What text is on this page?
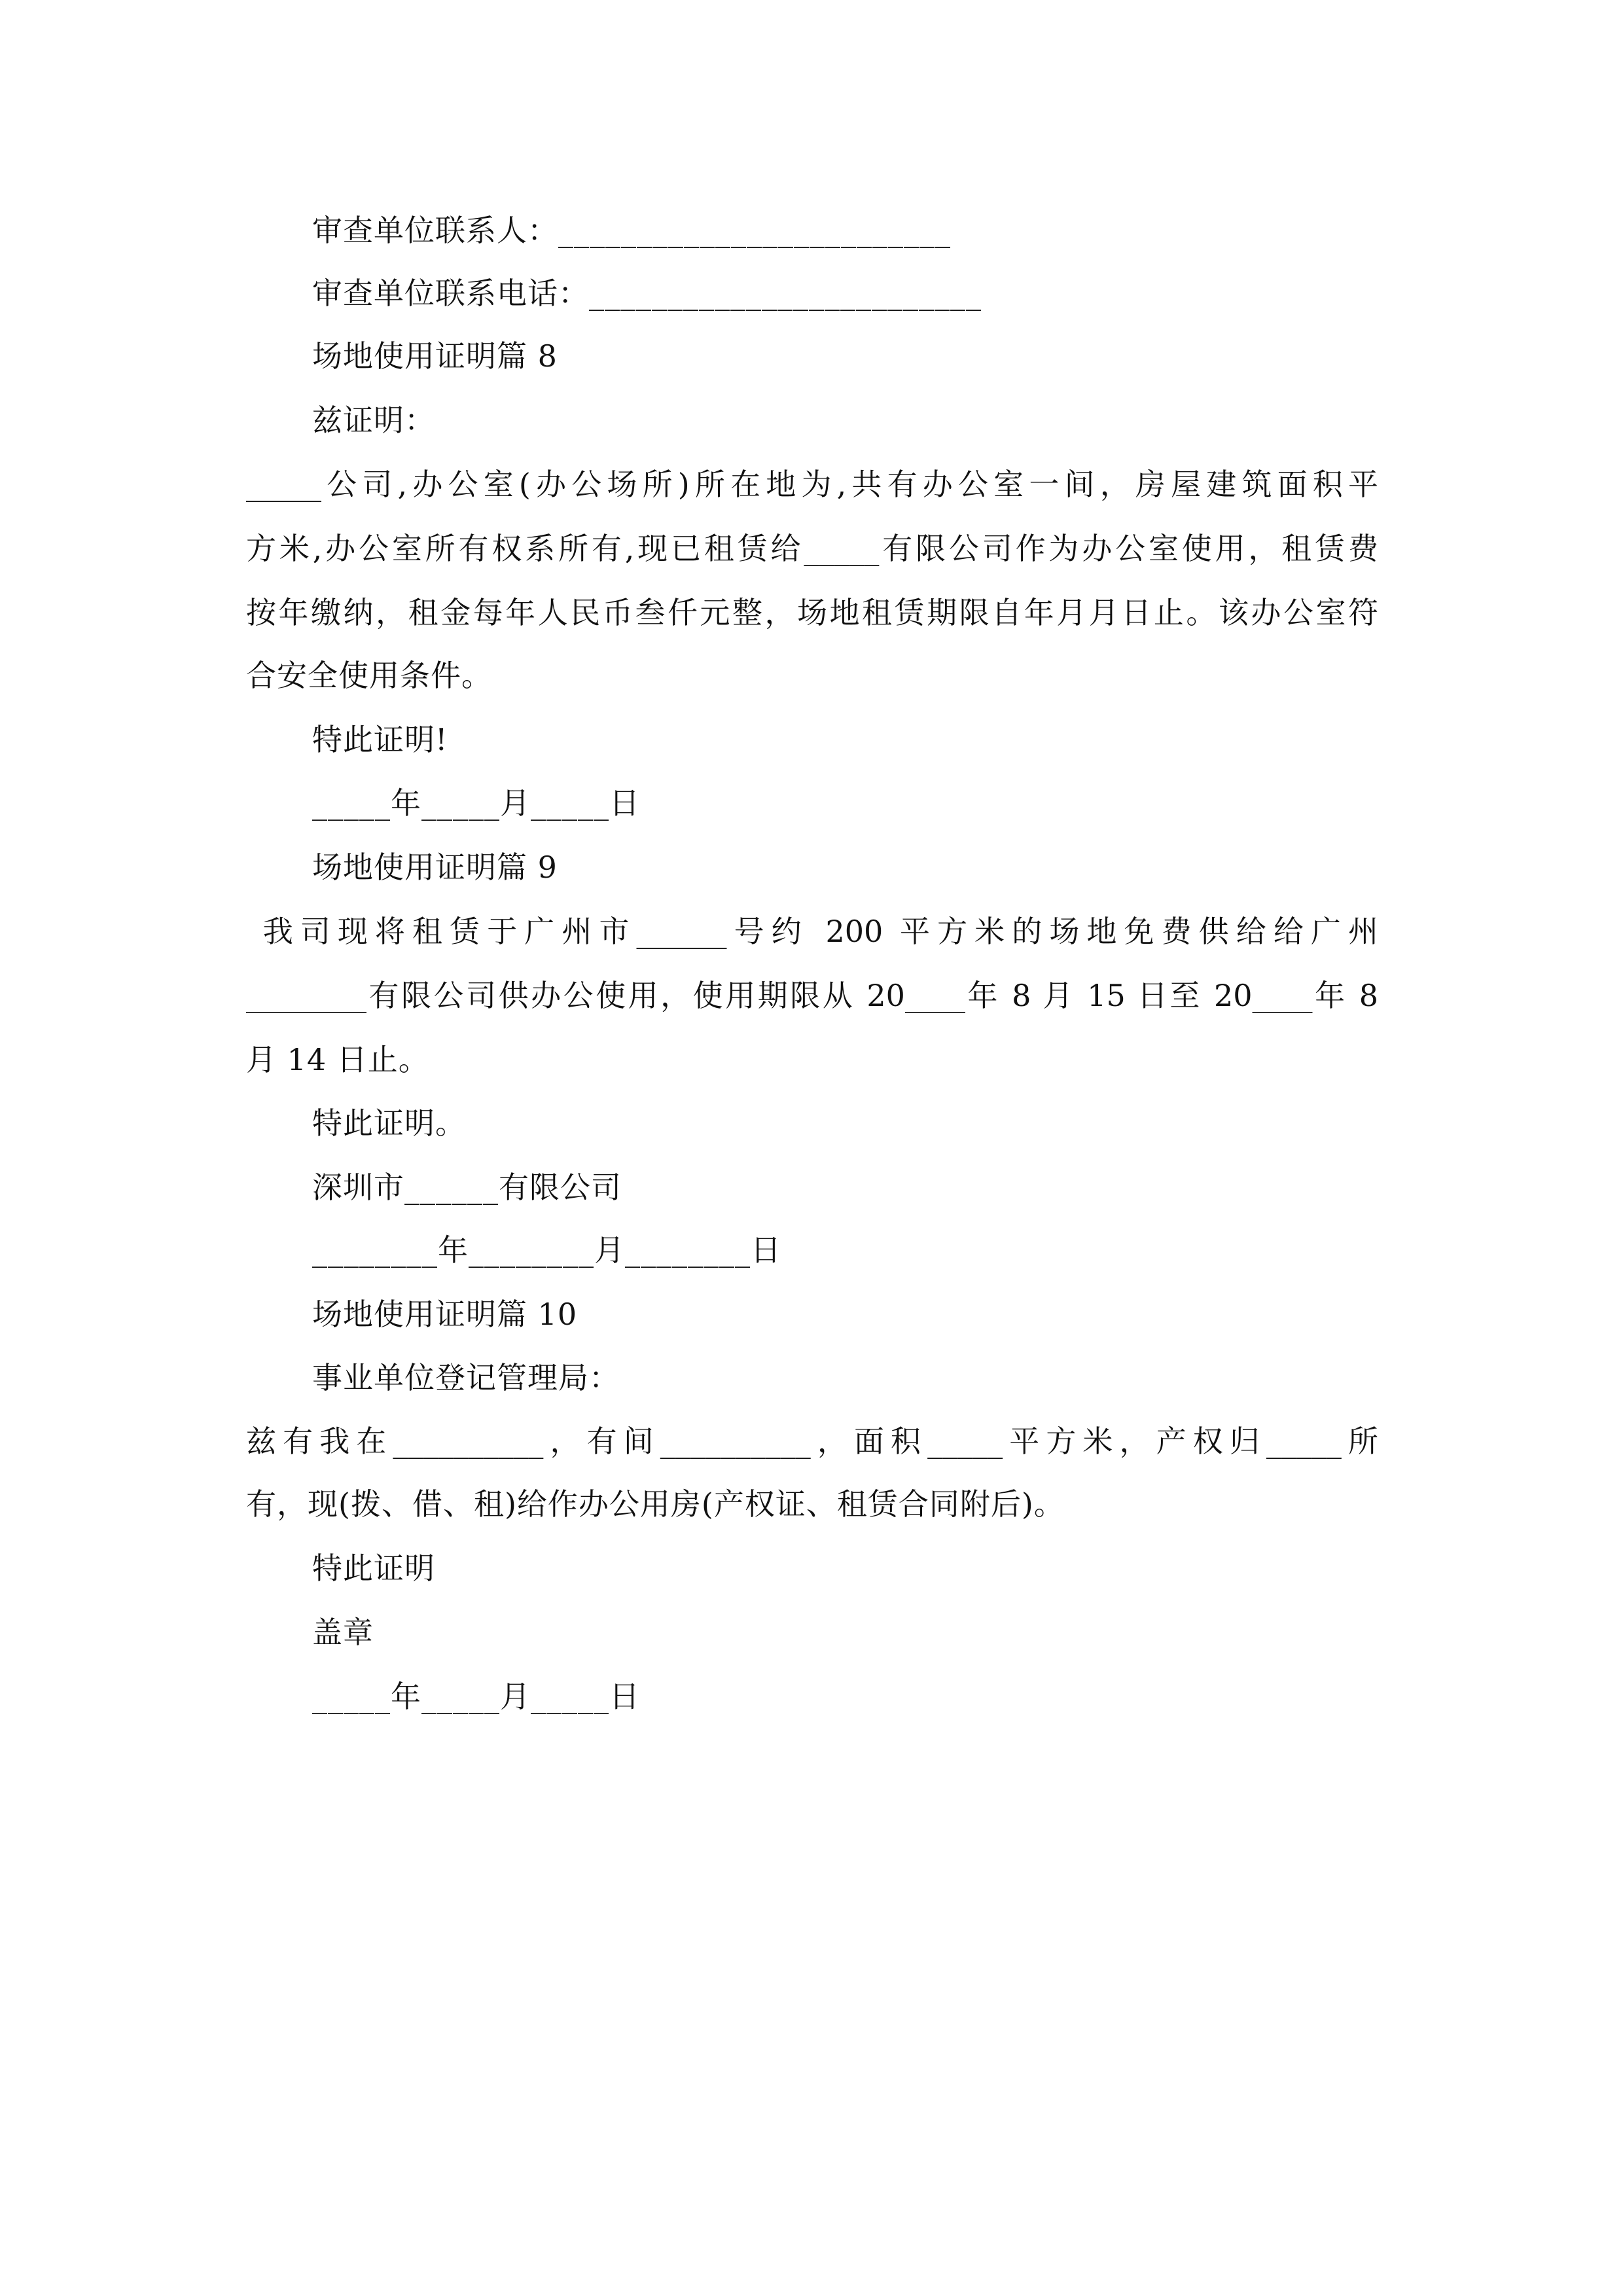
审查单位联系人：_________________________

审查单位联系电话：_________________________

场地使用证明篇 8

兹证明：

_____公司,办公室(办公场所)所在地为,共有办公室一间，房屋建筑面积平

方米,办公室所有权系所有,现已租赁给_____有限公司作为办公室使用，租赁费

按年缴纳，租金每年人民币叁仟元整，场地租赁期限自年月月日止。该办公室符

合安全使用条件。

特此证明!

_____年_____月_____日

场地使用证明篇 9

我司现将租赁于广州市______号约 200 平方米的场地免费供给给广州

________有限公司供办公使用，使用期限从 20____年 8 月 15 日至 20____年 8

月 14 日止。

特此证明。

深圳市______有限公司

________年________月________日

场地使用证明篇 10

事业单位登记管理局：

兹有我在__________，有间__________，面积_____平方米，产权归_____所

有，现(拨、借、租)给作办公用房(产权证、租赁合同附后)。

特此证明

盖章

_____年_____月_____日
